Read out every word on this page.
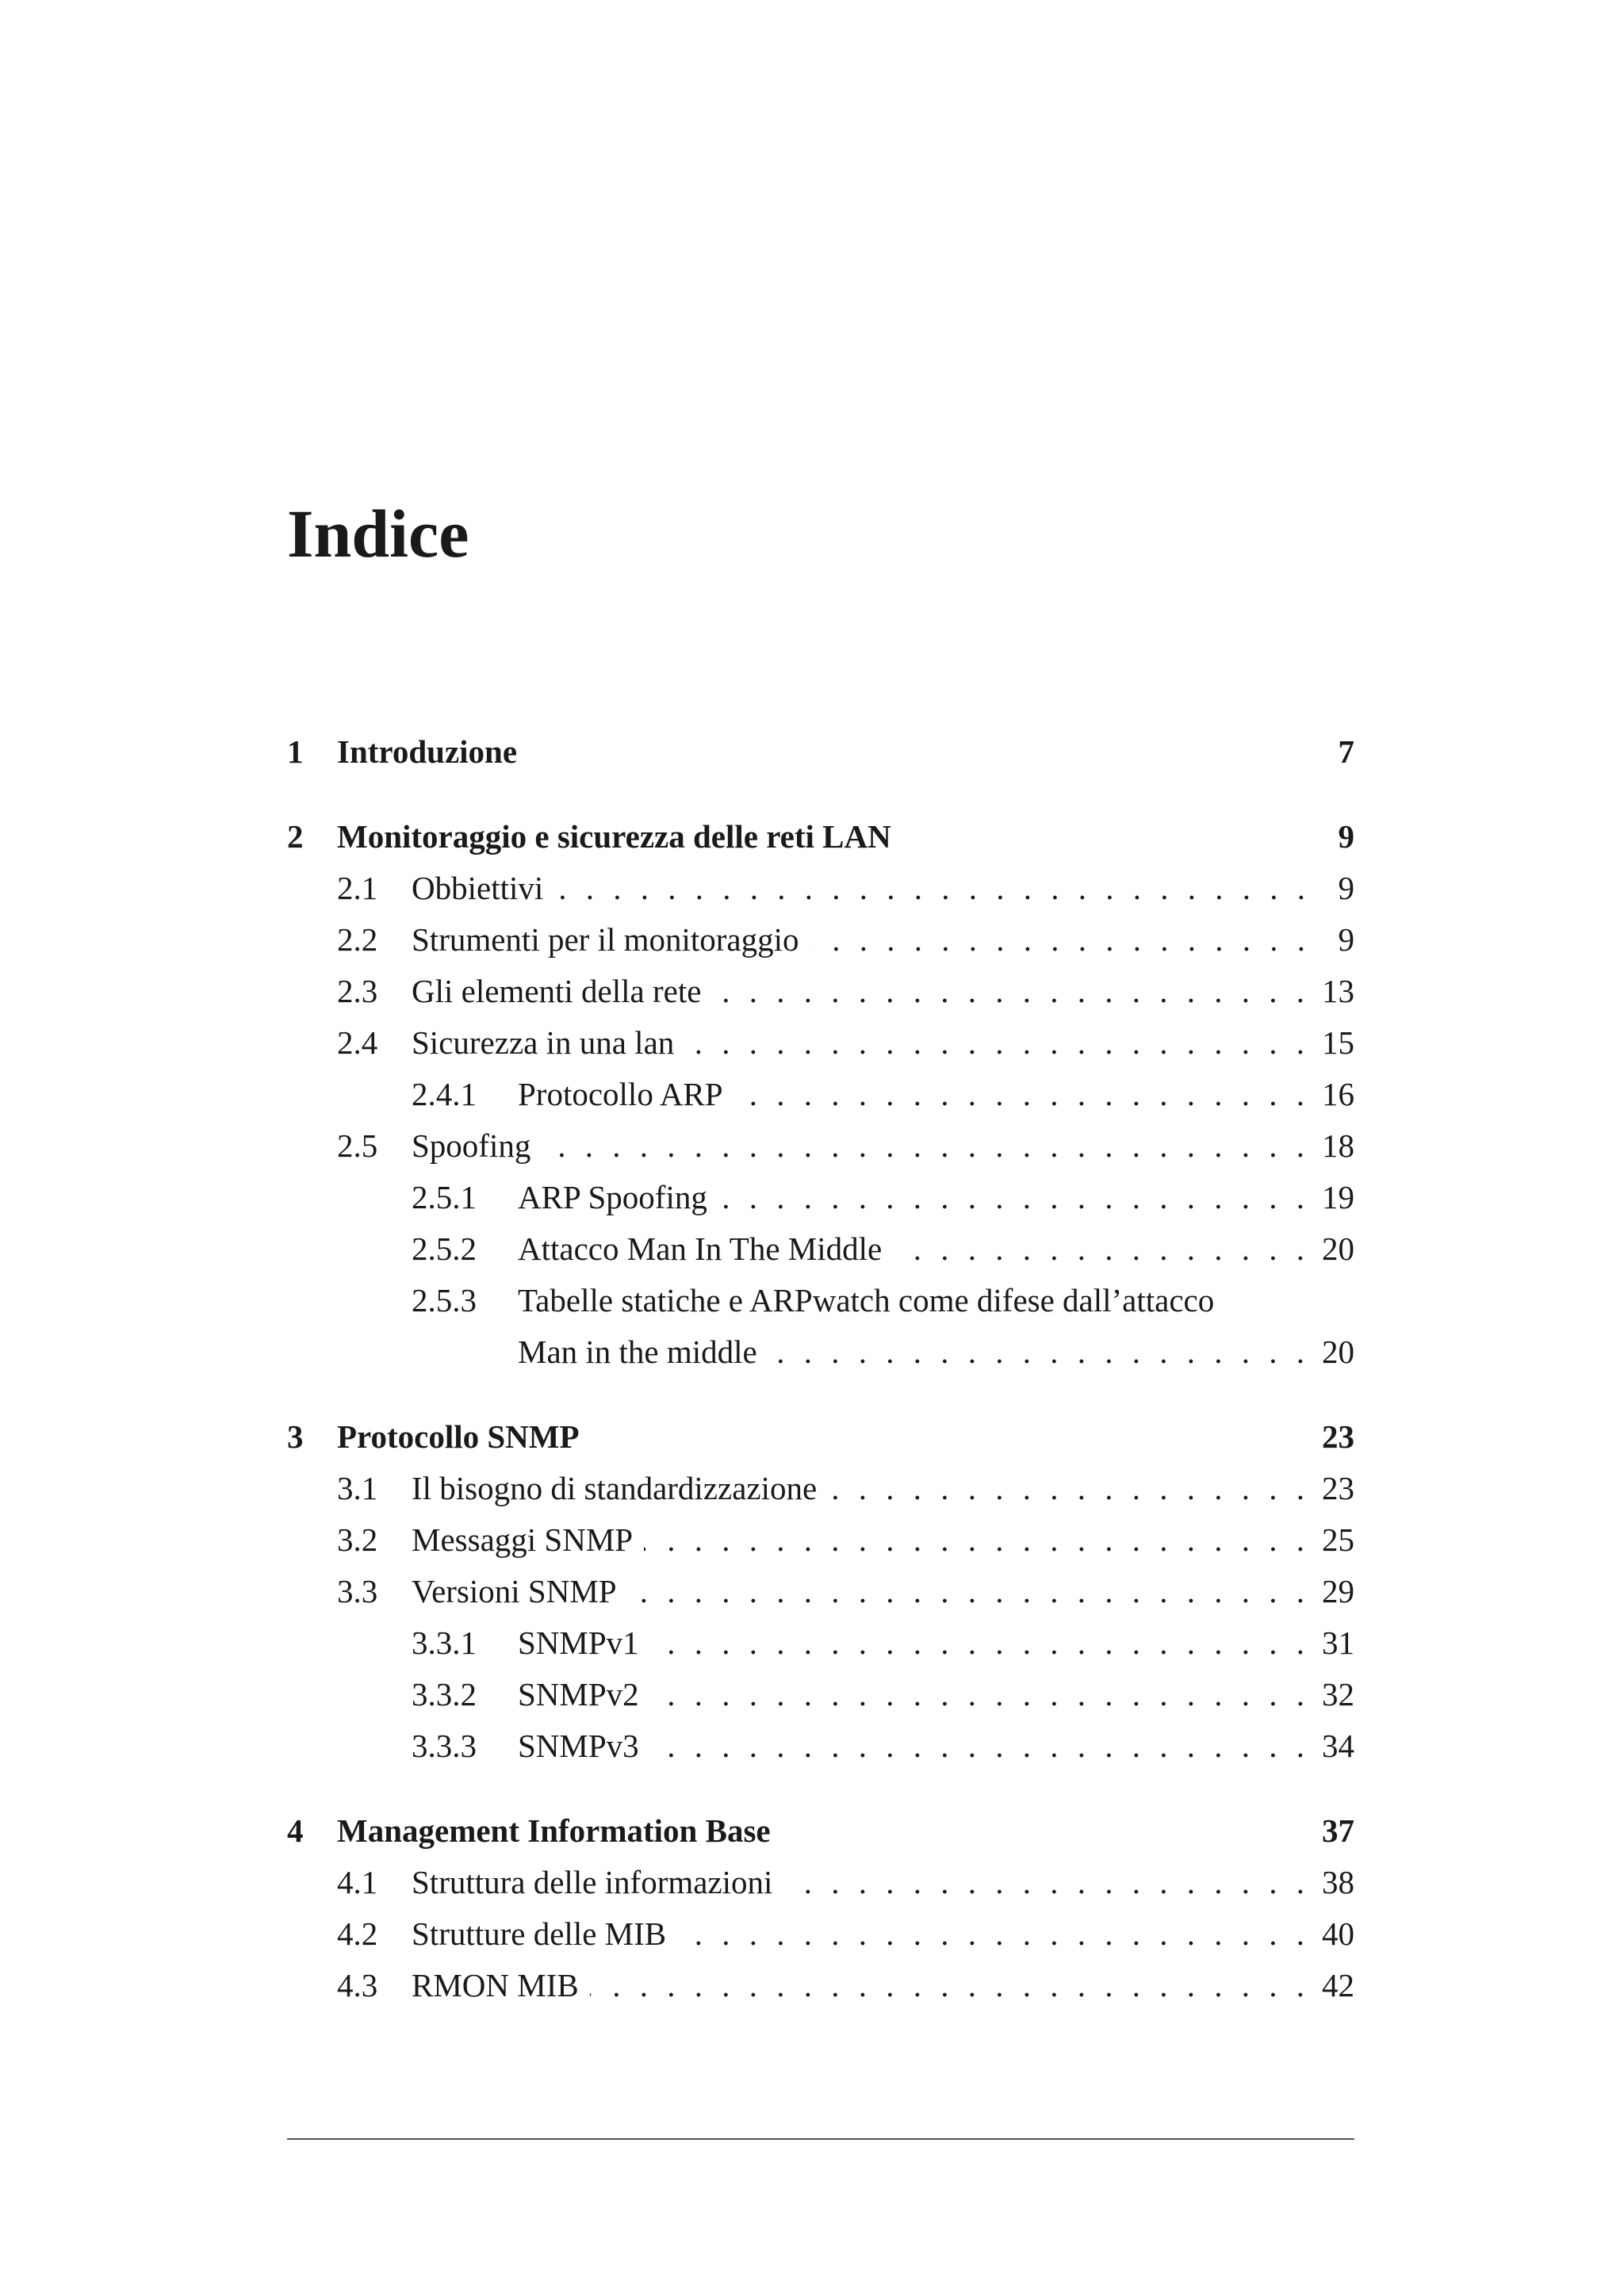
Indice
1	Introduzione	7
2	Monitoraggio e sicurezza delle reti LAN	9
2.1	Obbiettivi . . .	9
2.2	Strumenti per il monitoraggio . . .	9
2.3	Gli elementi della rete . . .	13
2.4	Sicurezza in una lan . . .	15
2.4.1	Protocollo ARP . . .	16
2.5	Spoofing . . .	18
2.5.1	ARP Spoofing . . .	19
2.5.2	Attacco Man In The Middle . . .	20
2.5.3	Tabelle statiche e ARPwatch come difese dall’attacco
Man in the middle . . .	20
3	Protocollo SNMP	23
3.1	Il bisogno di standardizzazione . . .	23
3.2	Messaggi SNMP . . .	25
3.3	Versioni SNMP . . .	29
3.3.1	SNMPv1 . . .	31
3.3.2	SNMPv2 . . .	32
3.3.3	SNMPv3 . . .	34
4	Management Information Base	37
4.1	Struttura delle informazioni . . .	38
4.2	Strutture delle MIB . . .	40
4.3	RMON MIB . . .	42
